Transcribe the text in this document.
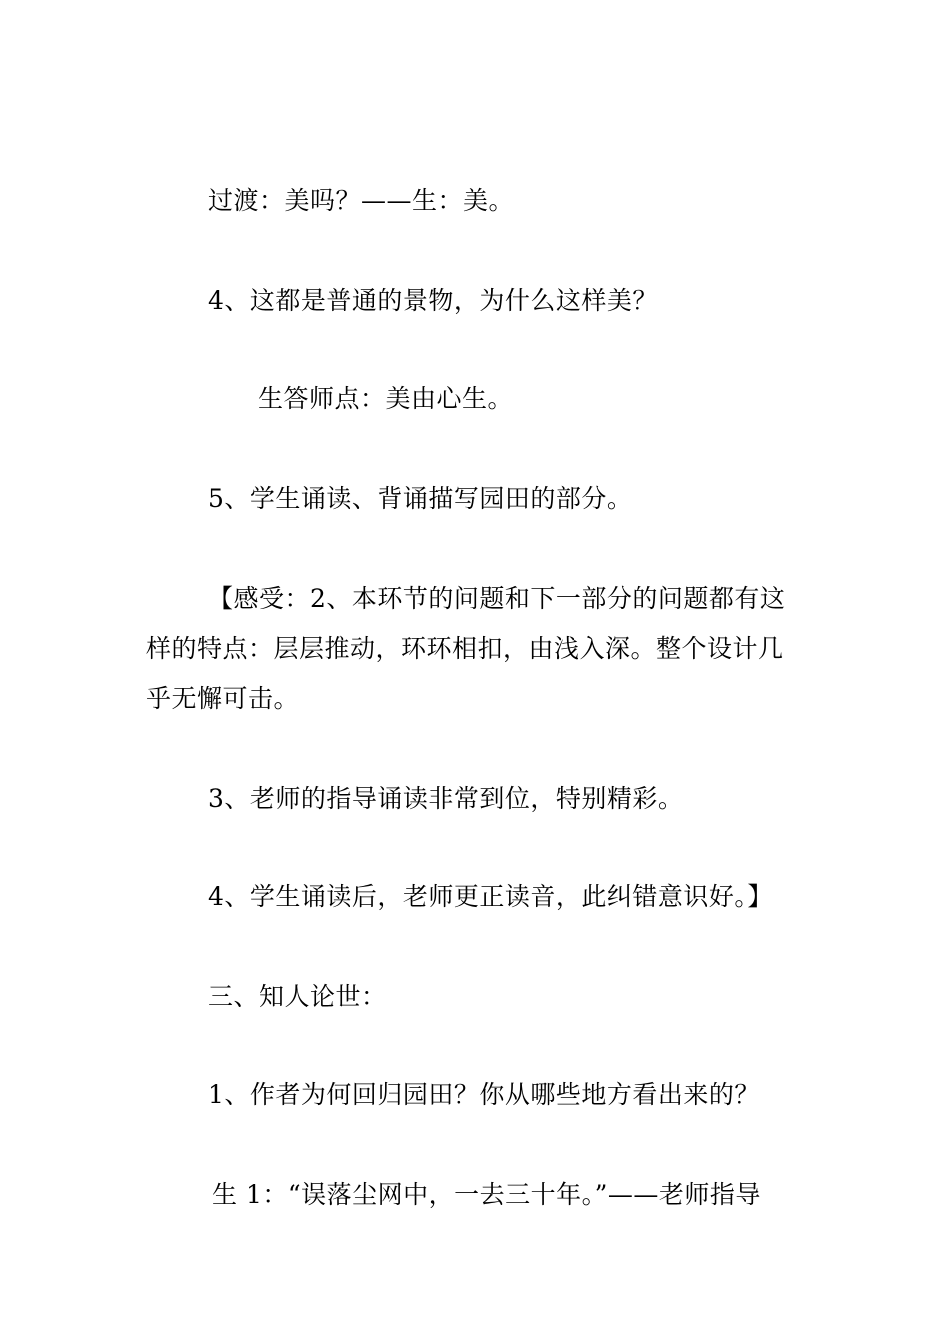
过渡：美吗？——生：美。
4、这都是普通的景物，为什么这样美？
生答师点：美由心生。
5、学生诵读、背诵描写园田的部分。
【感受：2、本环节的问题和下一部分的问题都有这
样的特点：层层推动，环环相扣，由浅入深。整个设计几
乎无懈可击。
3、老师的指导诵读非常到位，特别精彩。
4、学生诵读后，老师更正读音，此纠错意识好。】
三、知人论世：
1、作者为何回归园田？你从哪些地方看出来的？
生 1：“误落尘网中，一去三十年。”——老师指导
